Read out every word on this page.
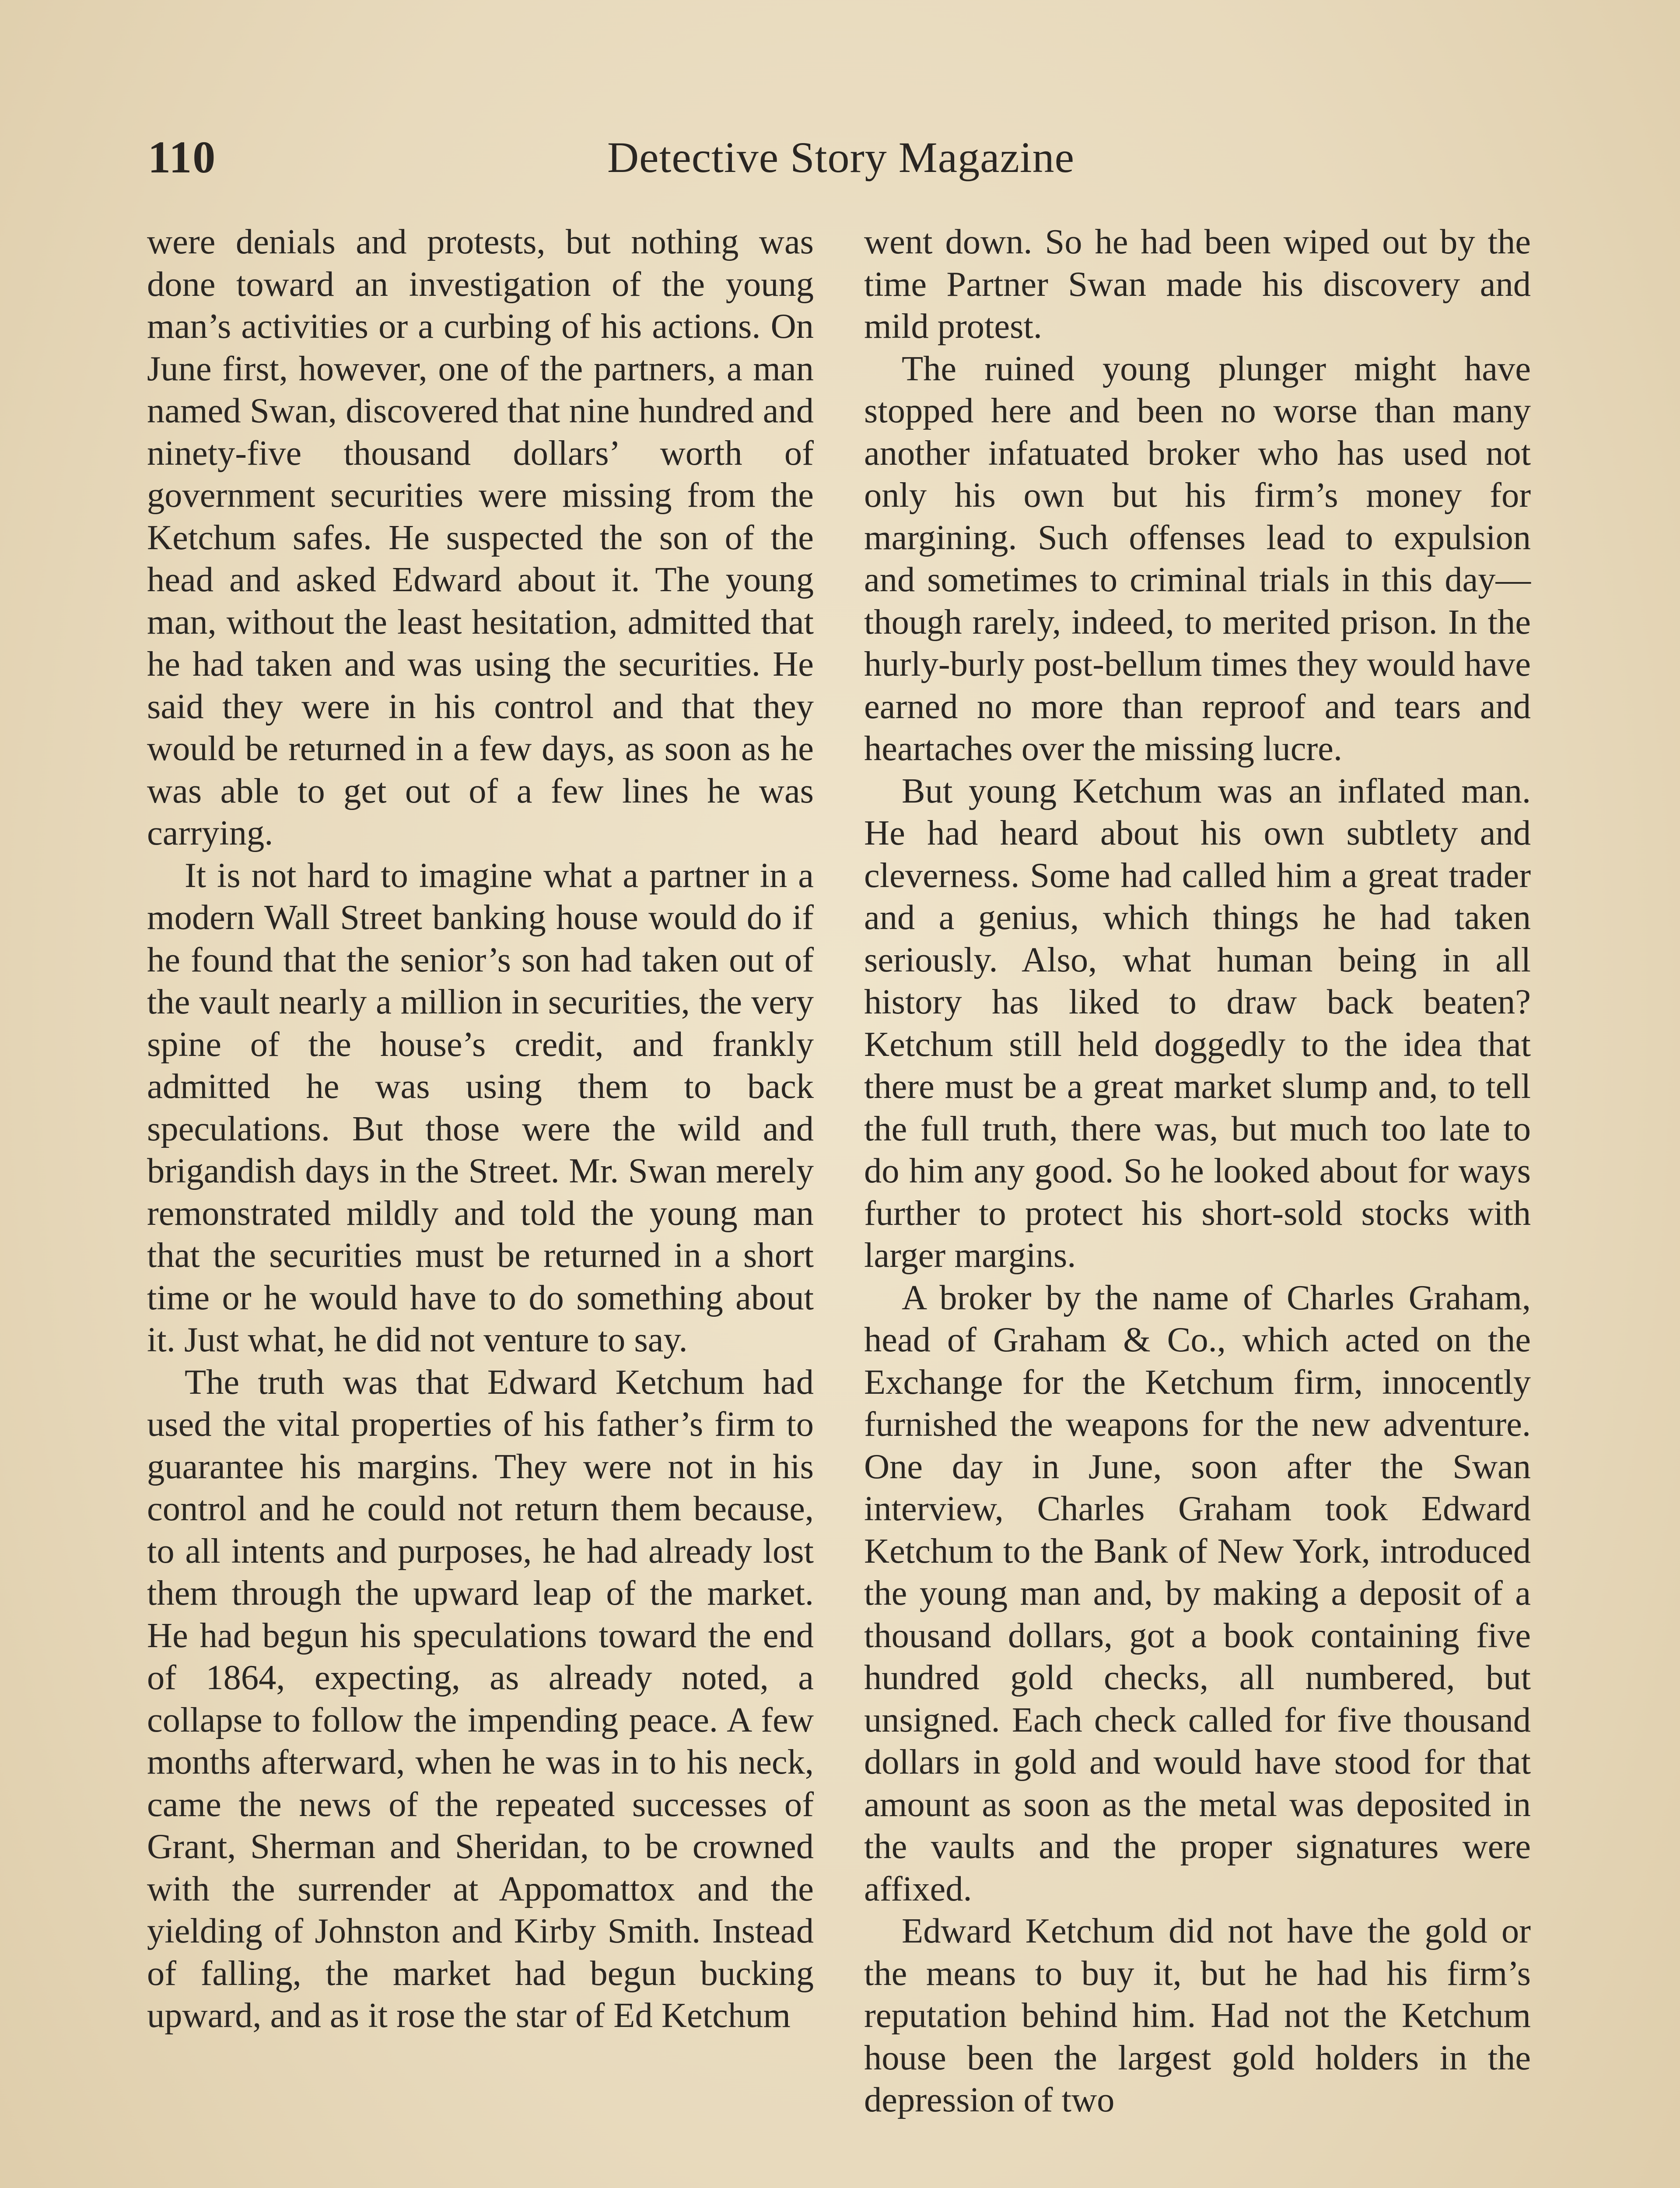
110	Detective Story Magazine

were denials and protests, but nothing was done toward an investigation of the young man’s activities or a curbing of his actions. On June first, however, one of the partners, a man named Swan, discovered that nine hundred and ninety-five thousand dollars’ worth of government securities were missing from the Ketchum safes. He suspected the son of the head and asked Edward about it. The young man, without the least hesitation, admitted that he had taken and was using the securities. He said they were in his control and that they would be returned in a few days, as soon as he was able to get out of a few lines he was carrying.

It is not hard to imagine what a partner in a modern Wall Street banking house would do if he found that the senior’s son had taken out of the vault nearly a million in securities, the very spine of the house’s credit, and frankly admitted he was using them to back speculations. But those were the wild and brigandish days in the Street. Mr. Swan merely remonstrated mildly and told the young man that the securities must be returned in a short time or he would have to do something about it. Just what, he did not venture to say.

The truth was that Edward Ketchum had used the vital properties of his father’s firm to guarantee his margins. They were not in his control and he could not return them because, to all intents and purposes, he had already lost them through the upward leap of the market. He had begun his speculations toward the end of 1864, expecting, as already noted, a collapse to follow the impending peace. A few months afterward, when he was in to his neck, came the news of the repeated successes of Grant, Sherman and Sheridan, to be crowned with the surrender at Appomattox and the yielding of Johnston and Kirby Smith. Instead of falling, the market had begun bucking upward, and as it rose the star of Ed Ketchum

went down. So he had been wiped out by the time Partner Swan made his discovery and mild protest.

The ruined young plunger might have stopped here and been no worse than many another infatuated broker who has used not only his own but his firm’s money for margining. Such offenses lead to expulsion and sometimes to criminal trials in this day—though rarely, indeed, to merited prison. In the hurly-burly post-bellum times they would have earned no more than reproof and tears and heartaches over the missing lucre.

But young Ketchum was an inflated man. He had heard about his own subtlety and cleverness. Some had called him a great trader and a genius, which things he had taken seriously. Also, what human being in all history has liked to draw back beaten? Ketchum still held doggedly to the idea that there must be a great market slump and, to tell the full truth, there was, but much too late to do him any good. So he looked about for ways further to protect his short-sold stocks with larger margins.

A broker by the name of Charles Graham, head of Graham & Co., which acted on the Exchange for the Ketchum firm, innocently furnished the weapons for the new adventure. One day in June, soon after the Swan interview, Charles Graham took Edward Ketchum to the Bank of New York, introduced the young man and, by making a deposit of a thousand dollars, got a book containing five hundred gold checks, all numbered, but unsigned. Each check called for five thousand dollars in gold and would have stood for that amount as soon as the metal was deposited in the vaults and the proper signatures were affixed.

Edward Ketchum did not have the gold or the means to buy it, but he had his firm’s reputation behind him. Had not the Ketchum house been the largest gold holders in the depression of two
